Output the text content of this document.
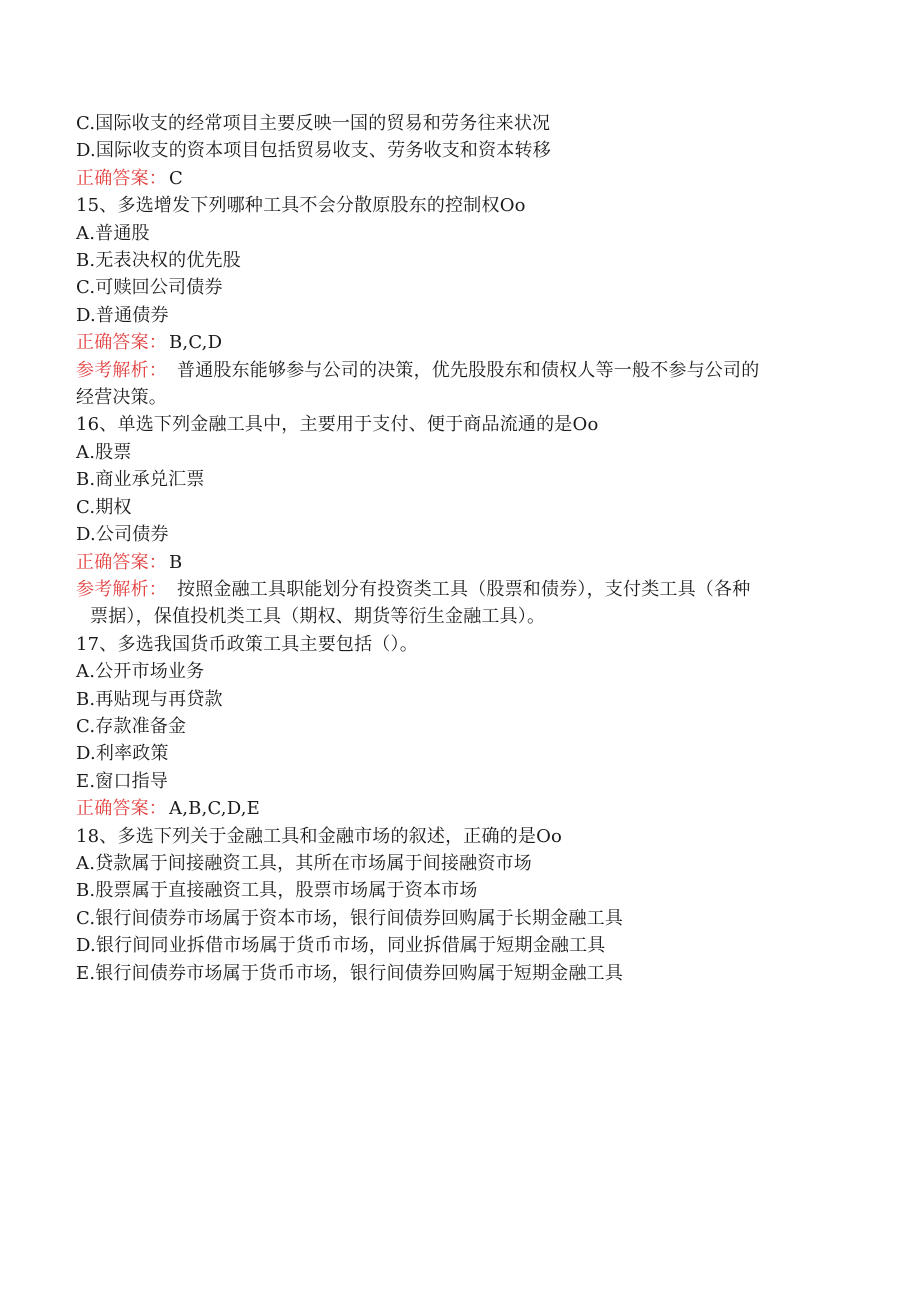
C.国际收支的经常项目主要反映一国的贸易和劳务往来状况
D.国际收支的资本项目包括贸易收支、劳务收支和资本转移
正确答案： C
15、多选增发下列哪种工具不会分散原股东的控制权Oo
A.普通股
B.无表决权的优先股
C.可赎回公司债券
D.普通债券
正确答案： B,C,D
参考解析： 普通股东能够参与公司的决策，优先股股东和债权人等一般不参与公司的
经营决策。
16、单选下列金融工具中，主要用于支付、便于商品流通的是Oo
A.股票
B.商业承兑汇票
C.期权
D.公司债券
正确答案： B
参考解析： 按照金融工具职能划分有投资类工具（股票和债券），支付类工具（各种
票据），保值投机类工具（期权、期货等衍生金融工具）。
17、多选我国货币政策工具主要包括（）。
A.公开市场业务
B.再贴现与再贷款
C.存款准备金
D.利率政策
E.窗口指导
正确答案： A,B,C,D,E
18、多选下列关于金融工具和金融市场的叙述，正确的是Oo
A.贷款属于间接融资工具，其所在市场属于间接融资市场
B.股票属于直接融资工具，股票市场属于资本市场
C.银行间债券市场属于资本市场，银行间债券回购属于长期金融工具
D.银行间同业拆借市场属于货币市场，同业拆借属于短期金融工具
E.银行间债券市场属于货币市场，银行间债券回购属于短期金融工具
